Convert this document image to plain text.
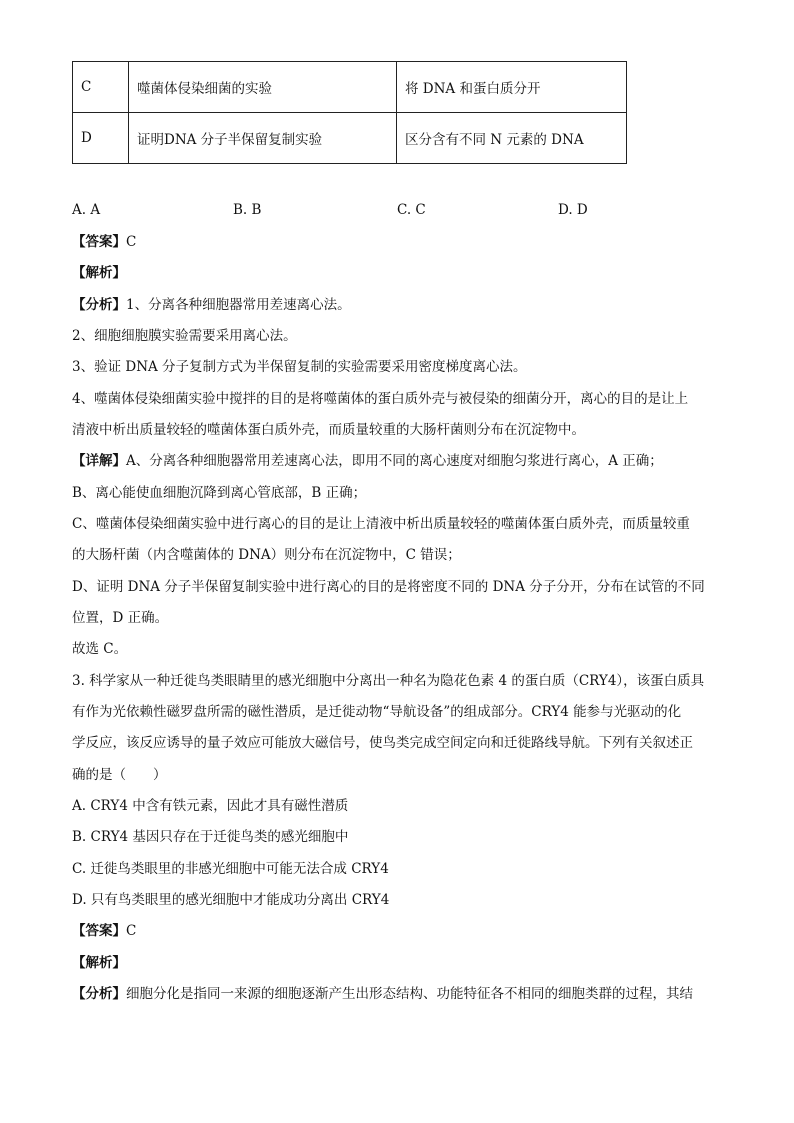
C	噬菌体侵染细菌的实验	将 DNA 和蛋白质分开
D	证明DNA 分子半保留复制实验	区分含有不同 N 元素的 DNA
A. A	B. B	C. C	D. D
【答案】C
【解析】
【分析】1、分离各种细胞器常用差速离心法。
2、细胞细胞膜实验需要采用离心法。
3、验证 DNA 分子复制方式为半保留复制的实验需要采用密度梯度离心法。
4、噬菌体侵染细菌实验中搅拌的目的是将噬菌体的蛋白质外壳与被侵染的细菌分开，离心的目的是让上
清液中析出质量较轻的噬菌体蛋白质外壳，而质量较重的大肠杆菌则分布在沉淀物中。
【详解】A、分离各种细胞器常用差速离心法，即用不同的离心速度对细胞匀浆进行离心，A 正确；
B、离心能使血细胞沉降到离心管底部，B 正确；
C、噬菌体侵染细菌实验中进行离心的目的是让上清液中析出质量较轻的噬菌体蛋白质外壳，而质量较重
的大肠杆菌（内含噬菌体的 DNA）则分布在沉淀物中，C 错误；
D、证明 DNA 分子半保留复制实验中进行离心的目的是将密度不同的 DNA 分子分开，分布在试管的不同
位置，D 正确。
故选 C。
3. 科学家从一种迁徙鸟类眼睛里的感光细胞中分离出一种名为隐花色素 4 的蛋白质（CRY4），该蛋白质具
有作为光依赖性磁罗盘所需的磁性潜质，是迁徙动物“导航设备”的组成部分。CRY4 能参与光驱动的化
学反应，该反应诱导的量子效应可能放大磁信号，使鸟类完成空间定向和迁徙路线导航。下列有关叙述正
确的是（　　）
A. CRY4 中含有铁元素，因此才具有磁性潜质
B. CRY4 基因只存在于迁徙鸟类的感光细胞中
C. 迁徙鸟类眼里的非感光细胞中可能无法合成 CRY4
D. 只有鸟类眼里的感光细胞中才能成功分离出 CRY4
【答案】C
【解析】
【分析】细胞分化是指同一来源的细胞逐渐产生出形态结构、功能特征各不相同的细胞类群的过程，其结
